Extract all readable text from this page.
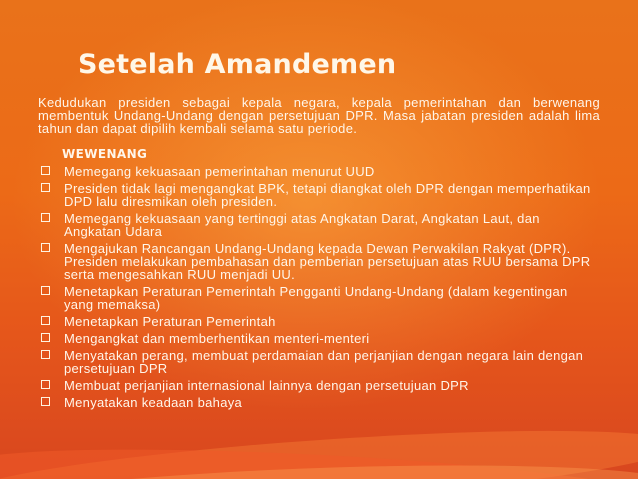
Setelah Amandemen

Kedudukan presiden sebagai kepala negara, kepala pemerintahan dan berwenang membentuk Undang-Undang dengan persetujuan DPR. Masa jabatan presiden adalah lima tahun dan dapat dipilih kembali selama satu periode.

WEWENANG
Memegang kekuasaan pemerintahan menurut UUD
Presiden tidak lagi mengangkat BPK, tetapi diangkat oleh DPR dengan memperhatikan DPD lalu diresmikan oleh presiden.
Memegang kekuasaan yang tertinggi atas Angkatan Darat, Angkatan Laut, dan Angkatan Udara
Mengajukan Rancangan Undang-Undang kepada Dewan Perwakilan Rakyat (DPR). Presiden melakukan pembahasan dan pemberian persetujuan atas RUU bersama DPR serta mengesahkan RUU menjadi UU.
Menetapkan Peraturan Pemerintah Pengganti Undang-Undang (dalam kegentingan yang memaksa)
Menetapkan Peraturan Pemerintah
Mengangkat dan memberhentikan menteri-menteri
Menyatakan perang, membuat perdamaian dan perjanjian dengan negara lain dengan persetujuan DPR
Membuat perjanjian internasional lainnya dengan persetujuan DPR
Menyatakan keadaan bahaya
